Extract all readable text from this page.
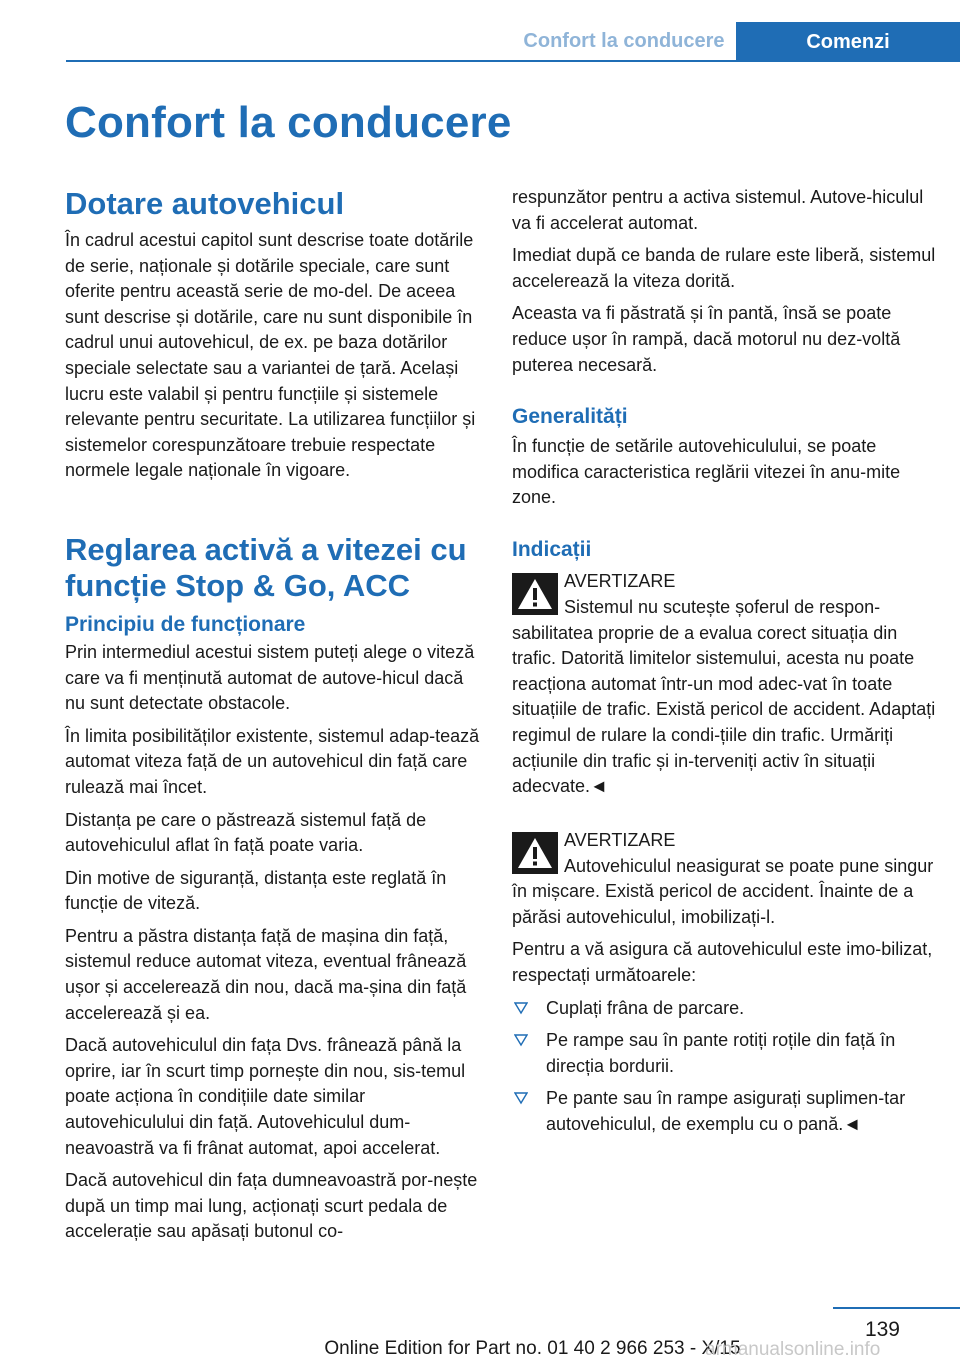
Confort la conducere	Comenzi
Confort la conducere
Dotare autovehicul

În cadrul acestui capitol sunt descrise toate dotările de serie, naționale și dotările speciale, care sunt oferite pentru această serie de mo‐del. De aceea sunt descrise și dotările, care nu sunt disponibile în cadrul unui autovehicul, de ex. pe baza dotărilor speciale selectate sau a variantei de țară. Același lucru este valabil și pentru funcțiile și sistemele relevante pentru securitate. La utilizarea funcțiilor și sistemelor corespunzătoare trebuie respectate normele legale naționale în vigoare.

Reglarea activă a vitezei cu funcție Stop & Go, ACC
Principiu de funcționare

Prin intermediul acestui sistem puteți alege o viteză care va fi menținută automat de autove‐hicul dacă nu sunt detectate obstacole.

În limita posibilităților existente, sistemul adap‐tează automat viteza față de un autovehicul din față care rulează mai încet.

Distanța pe care o păstrează sistemul față de autovehiculul aflat în față poate varia.

Din motive de siguranță, distanța este reglată în funcție de viteză.

Pentru a păstra distanța față de mașina din față, sistemul reduce automat viteza, eventual frânează ușor și accelerează din nou, dacă ma‐șina din față accelerează și ea.

Dacă autovehiculul din fața Dvs. frânează până la oprire, iar în scurt timp pornește din nou, sis‐temul poate acționa în condițiile date similar autovehiculului din față. Autovehiculul dum‐neavoastră va fi frânat automat, apoi accelerat.

Dacă autovehicul din fața dumneavoastră por‐nește după un timp mai lung, acționați scurt pedala de accelerație sau apăsați butonul co‐

respunzător pentru a activa sistemul. Autove‐hiculul va fi accelerat automat.

Imediat după ce banda de rulare este liberă, sistemul accelerează la viteza dorită.

Aceasta va fi păstrată și în pantă, însă se poate reduce ușor în rampă, dacă motorul nu dez‐voltă puterea necesară.

Generalități

În funcție de setările autovehiculului, se poate modifica caracteristica reglării vitezei în anu‐mite zone.

Indicații
AVERTIZARE

Sistemul nu scutește șoferul de respon‐sabilitatea proprie de a evalua corect situația din trafic. Datorită limitelor sistemului, acesta nu poate reacționa automat într-un mod adec‐vat în toate situațiile de trafic. Există pericol de accident. Adaptați regimul de rulare la condi‐țiile din trafic. Urmăriți acțiunile din trafic și in‐terveniți activ în situații adecvate.◄

AVERTIZARE

Autovehiculul neasigurat se poate pune singur în mișcare. Există pericol de accident. Înainte de a părăsi autovehiculul, imobilizați-l.

Pentru a vă asigura că autovehiculul este imo‐bilizat, respectați următoarele:

Cuplați frâna de parcare.
Pe rampe sau în pante rotiți roțile din față în direcția bordurii.
Pe pante sau în rampe asigurați suplimen‐tar autovehiculul, de exemplu cu o pană.◄
139
Online Edition for Part no. 01 40 2 966 253 - X/15
armanualsonline.info
